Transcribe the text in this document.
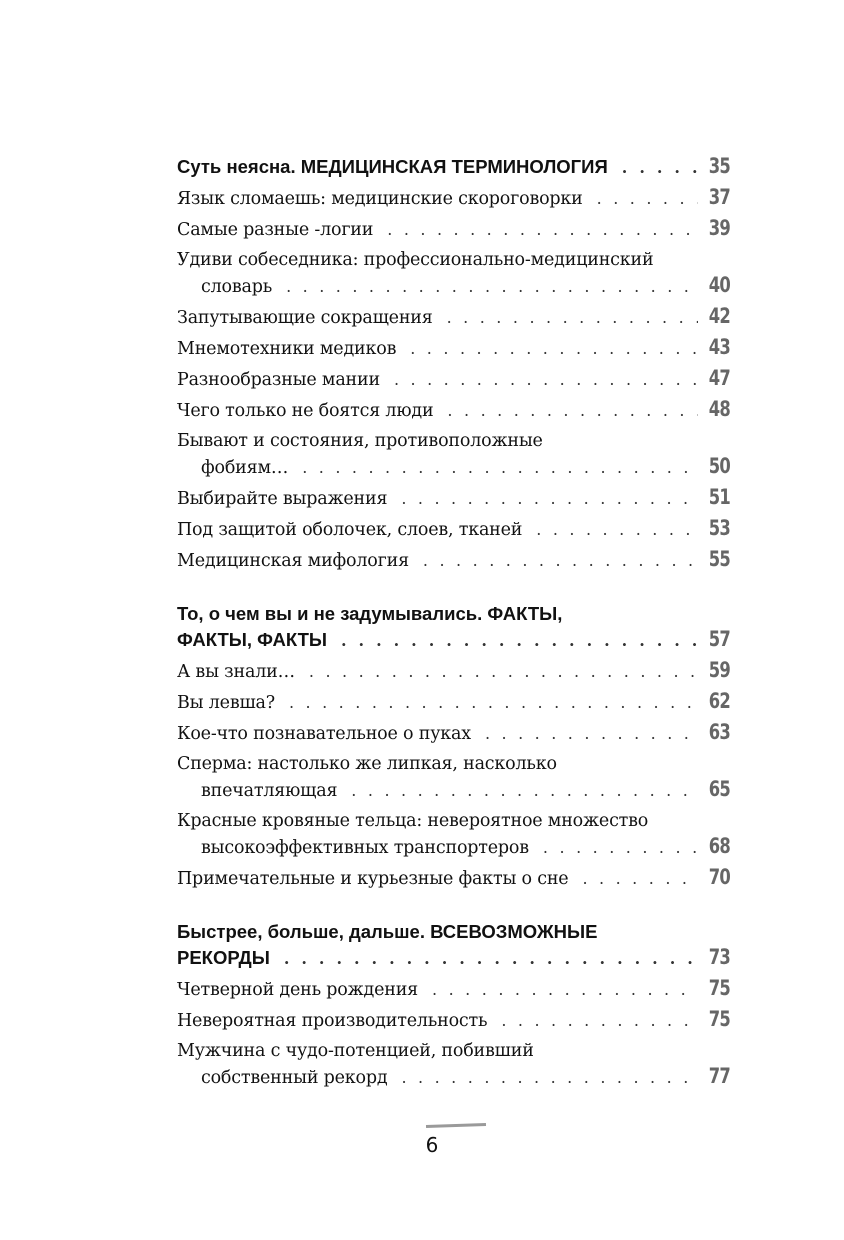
Суть неясна. МЕДИЦИНСКАЯ ТЕРМИНОЛОГИЯ . . .	35
Язык сломаешь: медицинские скороговорки . . .	37
Самые разные -логии . . .	39
Удиви собеседника: профессионально-медицинский
словарь . . .	40
Запутывающие сокращения . . .	42
Мнемотехники медиков . . .	43
Разнообразные мании . . .	47
Чего только не боятся люди . . .	48
Бывают и состояния, противоположные
фобиям… . . .	50
Выбирайте выражения . . .	51
Под защитой оболочек, слоев, тканей . . .	53
Медицинская мифология . . .	55
То, о чем вы и не задумывались. ФАКТЫ,
ФАКТЫ, ФАКТЫ . . .	57
А вы знали… . . .	59
Вы левша? . . .	62
Кое-что познавательное о пуках . . .	63
Сперма: настолько же липкая, насколько
впечатляющая . . .	65
Красные кровяные тельца: невероятное множество
высокоэффективных транспортеров . . .	68
Примечательные и курьезные факты о сне . . .	70
Быстрее, больше, дальше. ВСЕВОЗМОЖНЫЕ
РЕКОРДЫ . . .	73
Четверной день рождения . . .	75
Невероятная производительность . . .	75
Мужчина с чудо-потенцией, побивший
собственный рекорд . . .	77
6
